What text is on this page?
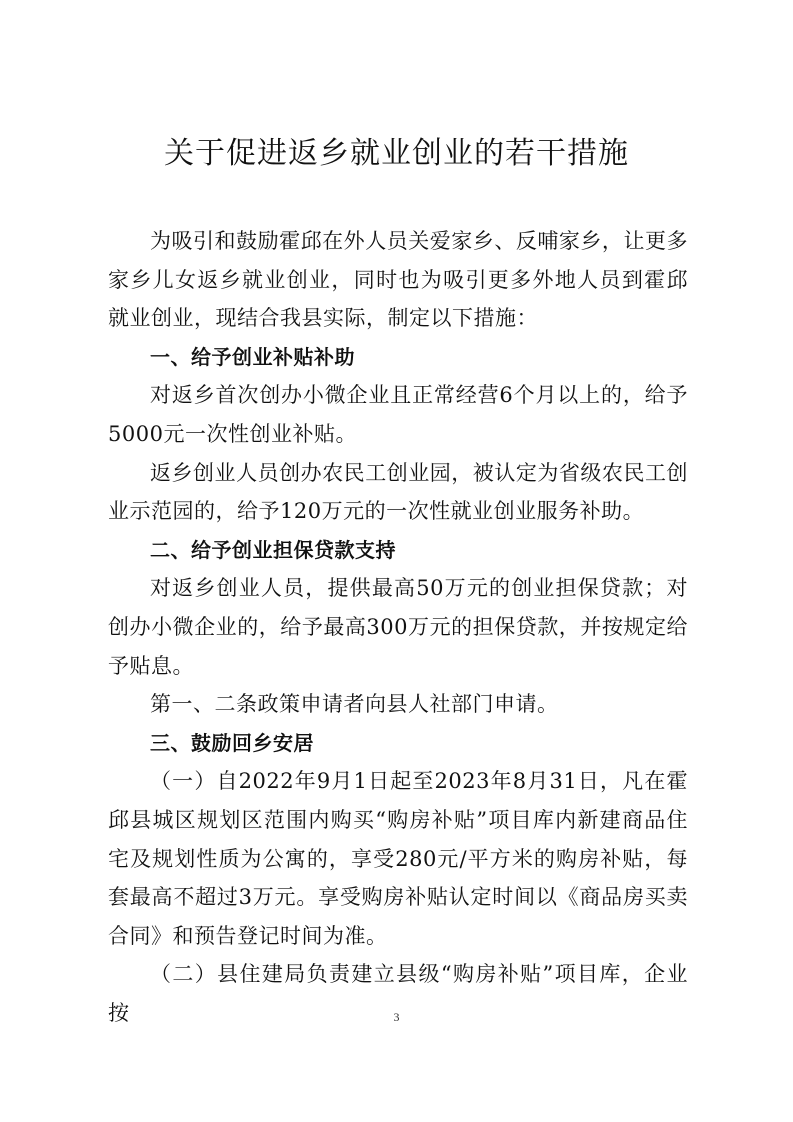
关于促进返乡就业创业的若干措施

为吸引和鼓励霍邱在外人员关爱家乡、反哺家乡，让更多家乡儿女返乡就业创业，同时也为吸引更多外地人员到霍邱就业创业，现结合我县实际，制定以下措施：

一、给予创业补贴补助

对返乡首次创办小微企业且正常经营6个月以上的，给予5000元一次性创业补贴。

返乡创业人员创办农民工创业园，被认定为省级农民工创业示范园的，给予120万元的一次性就业创业服务补助。

二、给予创业担保贷款支持

对返乡创业人员，提供最高50万元的创业担保贷款；对创办小微企业的，给予最高300万元的担保贷款，并按规定给予贴息。

第一、二条政策申请者向县人社部门申请。

三、鼓励回乡安居

（一）自2022年9月1日起至2023年8月31日，凡在霍邱县城区规划区范围内购买“购房补贴”项目库内新建商品住宅及规划性质为公寓的，享受280元/平方米的购房补贴，每套最高不超过3万元。享受购房补贴认定时间以《商品房买卖合同》和预告登记时间为准。

（二）县住建局负责建立县级“购房补贴”项目库，企业按	3
